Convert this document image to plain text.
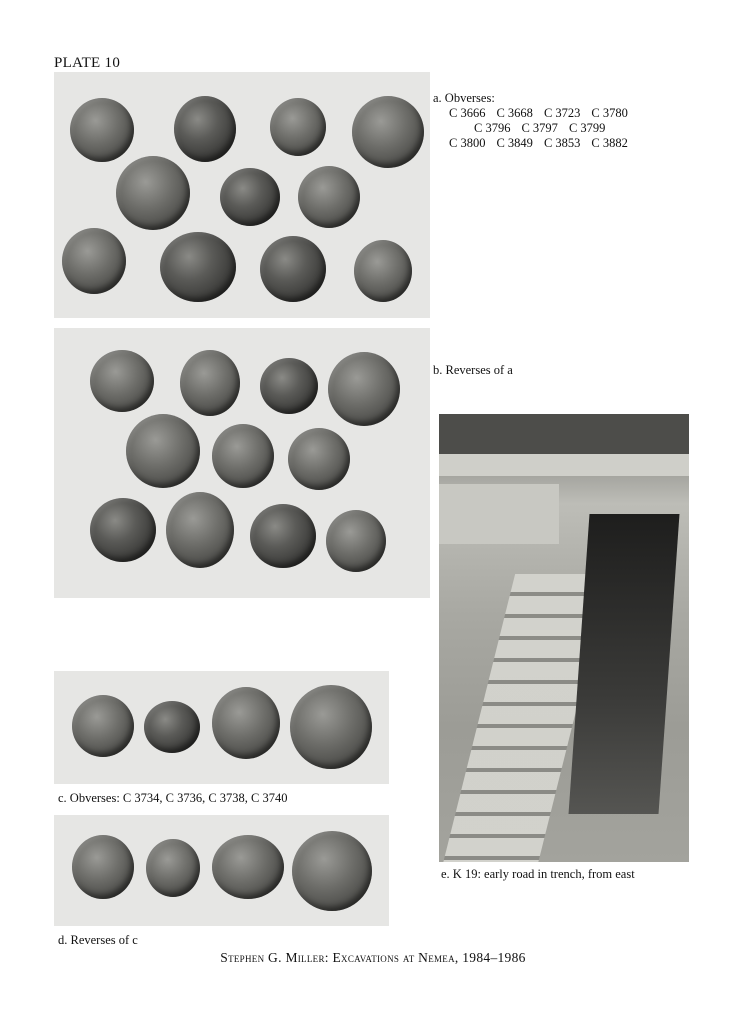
PLATE 10
a. Obverses:
C 3666 C 3668 C 3723 C 3780
C 3796 C 3797 C 3799
C 3800 C 3849 C 3853 C 3882
b. Reverses of a
c. Obverses: C 3734, C 3736, C 3738, C 3740
d. Reverses of c
e. K 19: early road in trench, from east
Stephen G. Miller: Excavations at Nemea, 1984–1986
